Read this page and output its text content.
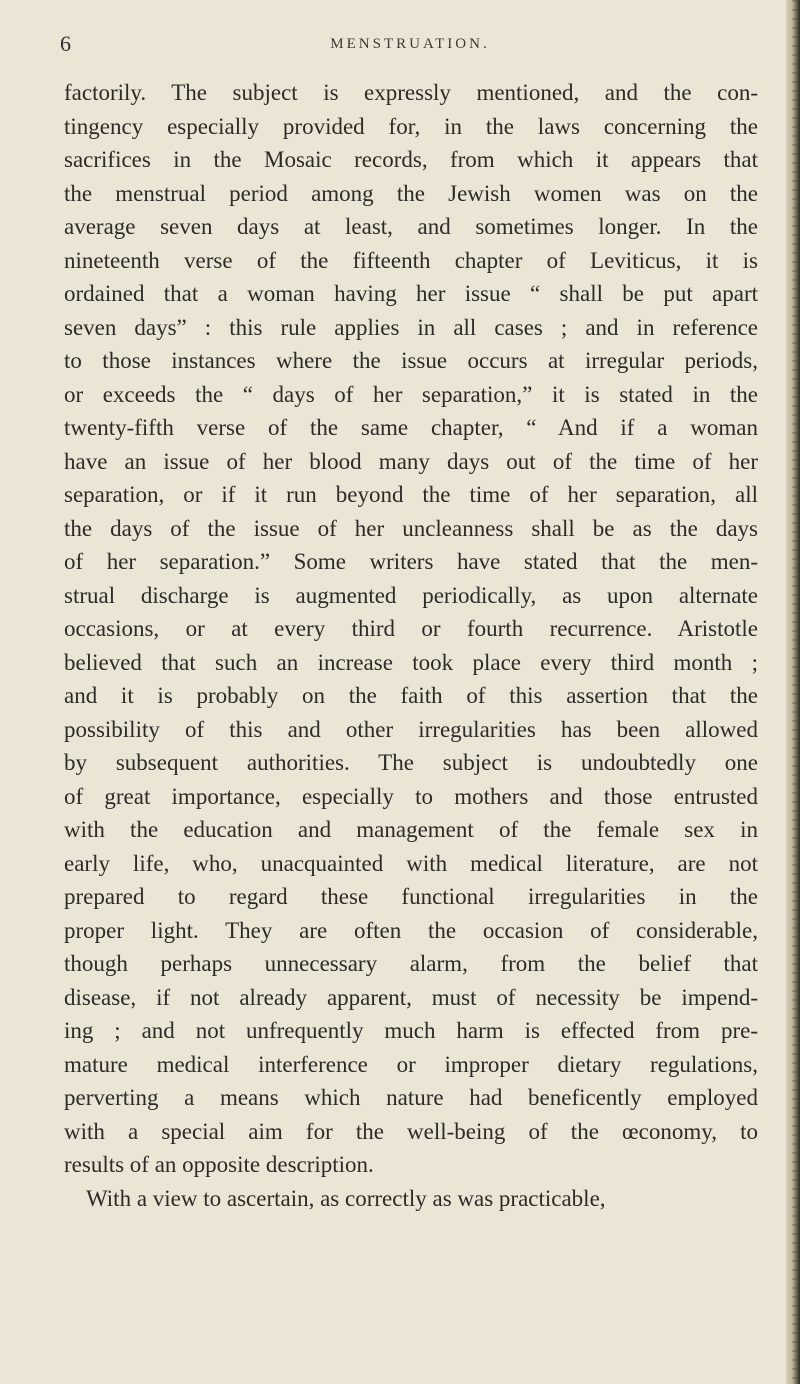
6	MENSTRUATION.
factorily. The subject is expressly mentioned, and the con-
tingency especially provided for, in the laws concerning the
sacrifices in the Mosaic records, from which it appears that
the menstrual period among the Jewish women was on the
average seven days at least, and sometimes longer. In the
nineteenth verse of the fifteenth chapter of Leviticus, it is
ordained that a woman having her issue “ shall be put apart
seven days” : this rule applies in all cases ; and in reference
to those instances where the issue occurs at irregular periods,
or exceeds the “ days of her separation,” it is stated in the
twenty-fifth verse of the same chapter, “ And if a woman
have an issue of her blood many days out of the time of her
separation, or if it run beyond the time of her separation, all
the days of the issue of her uncleanness shall be as the days
of her separation.” Some writers have stated that the men-
strual discharge is augmented periodically, as upon alternate
occasions, or at every third or fourth recurrence. Aristotle
believed that such an increase took place every third month ;
and it is probably on the faith of this assertion that the
possibility of this and other irregularities has been allowed
by subsequent authorities. The subject is undoubtedly one
of great importance, especially to mothers and those entrusted
with the education and management of the female sex in
early life, who, unacquainted with medical literature, are not
prepared to regard these functional irregularities in the
proper light. They are often the occasion of considerable,
though perhaps unnecessary alarm, from the belief that
disease, if not already apparent, must of necessity be impend-
ing ; and not unfrequently much harm is effected from pre-
mature medical interference or improper dietary regulations,
perverting a means which nature had beneficently employed
with a special aim for the well-being of the œconomy, to
results of an opposite description.
With a view to ascertain, as correctly as was practicable,
